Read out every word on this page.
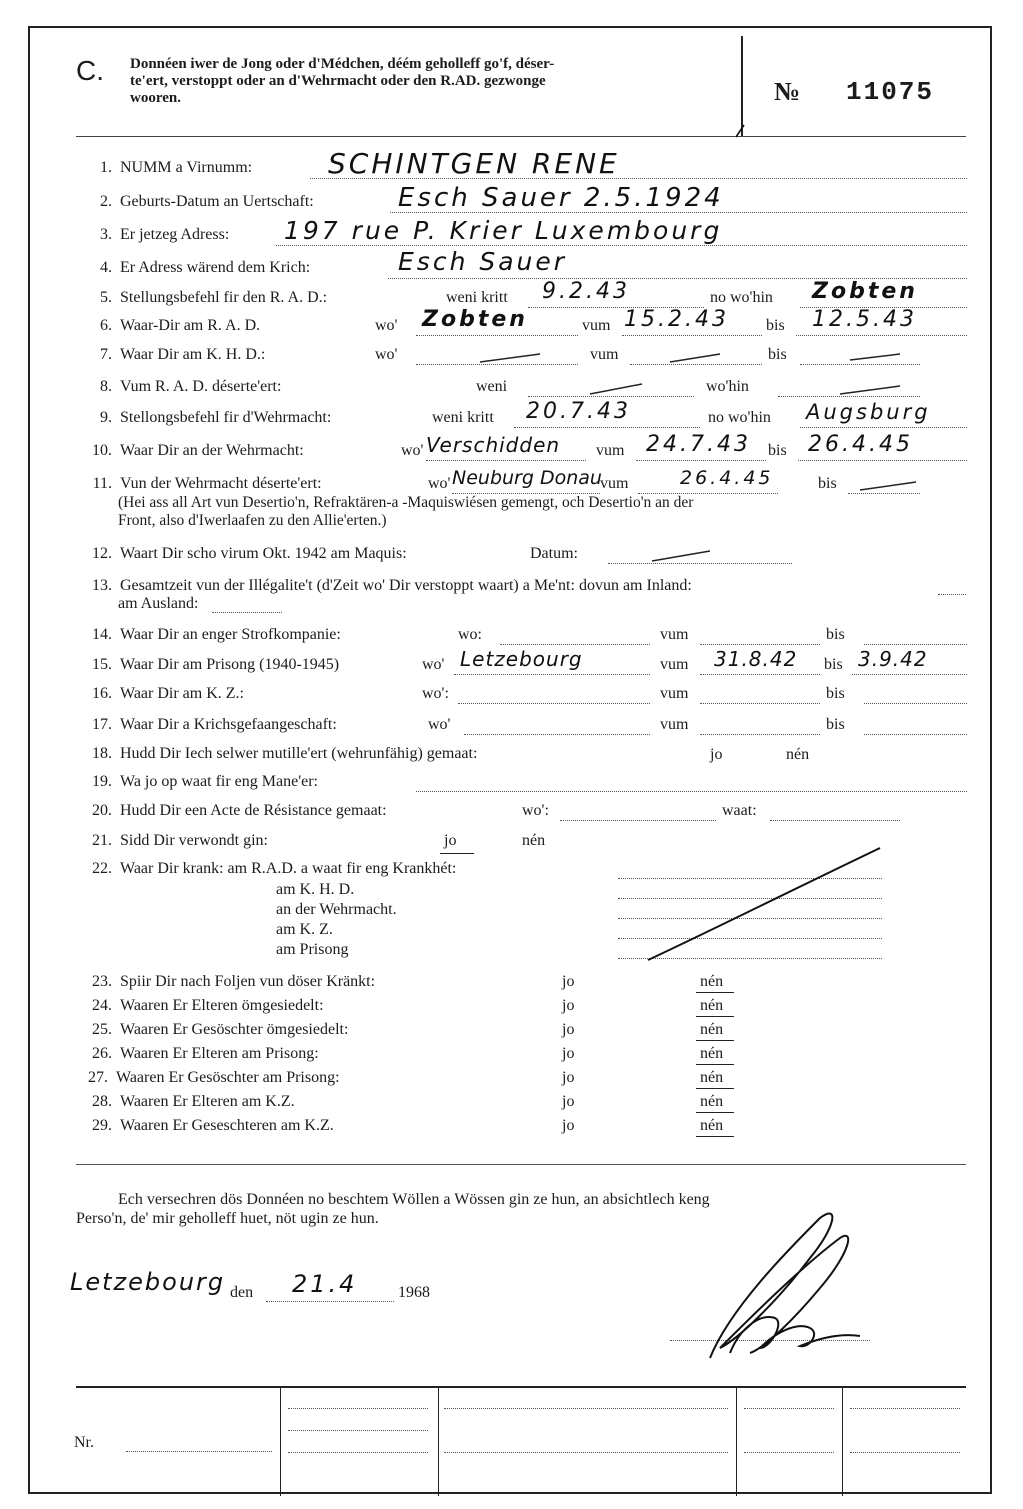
C. Donnéen iwer de Jong oder d'Médchen, déém geholleff go'f, déser-
te'ert, verstoppt oder an d'Wehrmacht oder den R.AD. gezwonge
wooren.	№ 11075
1. NUMM a Virnumm:	SCHINTGEN RENE
2. Geburts-Datum an Uertschaft:	Esch Sauer 2.5.1924
3. Er jetzeg Adress: 197 rue P. Krier Luxembourg
4. Er Adress wärend dem Krich:	Esch Sauer
5. Stellungsbefehl fir den R. A. D.:	weni kritt 9.2.43	no wo'hin Zobten
6. Waar-Dir am R. A. D.	wo' Zobten	vum 15.2.43 bis 12.5.43
7. Waar Dir am K. H. D.:	wo'	vum	bis
8. Vum R. A. D. déserte'ert:	weni	wo'hin
9. Stellongsbefehl fir d'Wehrmacht:	weni kritt 20.7.43	no wo'hin Augsburg
10. Waar Dir an der Wehrmacht:	wo' Verschidden vum 24.7.43 bis 26.4.45
11. Vun der Wehrmacht déserte'ert:	wo' Neuburg Donau
vum	26.4.45	bis
(Hei ass all Art vun Desertio'n, Refraktären-a -Maquiswiésen gemengt, och Desertio'n an der
Front, also d'Iwerlaafen zu den Allie'erten.)
12. Waart Dir scho virum Okt. 1942 am Maquis:	Datum:
13. Gesamtzeit vun der Illégalite't (d'Zeit wo' Dir verstoppt waart) a Me'nt: dovun am Inland:
am Ausland:
14. Waar Dir an enger Strofkompanie:	wo:	vum	bis
15. Waar Dir am Prisong (1940-1945)	wo' Letzebourg	vum 31.8.42 bis 3.9.42
16. Waar Dir am K. Z.:	wo':	vum	bis
17. Waar Dir a Krichsgefaangeschaft:	wo'	vum	bis
18. Hudd Dir Iech selwer mutille'ert (wehrunfähig) gemaat:	jo	nén
19. Wa jo op waat fir eng Mane'er:
20. Hudd Dir een Acte de Résistance gemaat:	wo':	waat:
21. Sidd Dir verwondt gin:	jo	nén
22. Waar Dir krank: am R.A.D. a waat fir eng Krankhét:
am K. H. D.
an der Wehrmacht.
am K. Z.
am Prisong
23. Spiir Dir nach Foljen vun döser Kränkt:	jo	nén
24. Waaren Er Elteren ömgesiedelt:	jo	nén
25. Waaren Er Gesöschter ömgesiedelt:	jo	nén
26. Waaren Er Elteren am Prisong:	jo	nén
27. Waaren Er Gesöschter am Prisong:	jo	nén
28. Waaren Er Elteren am K.Z.	jo	nén
29. Waaren Er Geseschteren am K.Z.	jo	nén
Ech versechren dös Donnéen no beschtem Wöllen a Wössen gin ze hun, an absichtlech keng
Perso'n, de' mir geholleff huet, nöt ugin ze hun.
Letzebourg den 21.4	1968
Nr.
